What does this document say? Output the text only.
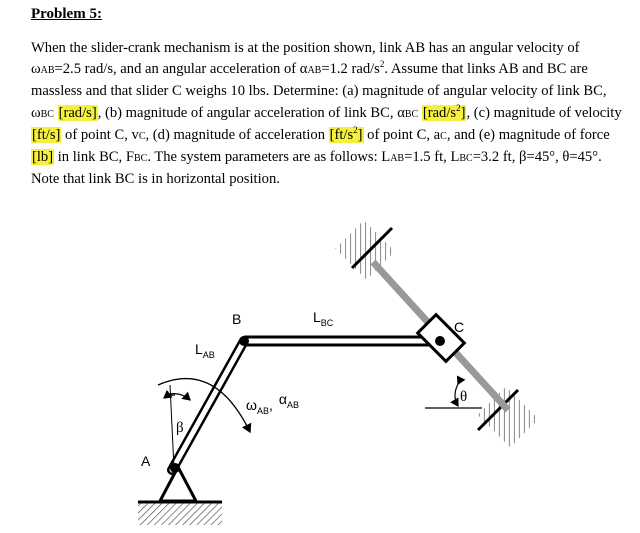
Problem 5:
When the slider-crank mechanism is at the position shown, link AB has an angular velocity of
ωAB=2.5 rad/s, and an angular acceleration of αAB=1.2 rad/$s^2$. Assume that links AB and BC are
massless and that slider C weighs 10 lbs. Determine: (a) magnitude of angular velocity of link BC,
ωBC [rad/s], (b) magnitude of angular acceleration of link BC, αBC $[rad/s^2]$, (c) magnitude of velocity
[ft/s] of point C, vC, (d) magnitude of acceleration $[ft/s^2]$ of point C, aC, and (e) magnitude of force
[lb] in link BC, FBC. The system parameters are as follows: LAB=1.5 ft, LBC=3.2 ft, β=45°, θ=45°.
Note that link BC is in horizontal position.
A
B	C
$L_{AB}$
$L_{BC}$
β
θ
$\omega_{AB}$, $\alpha_{AB}$
